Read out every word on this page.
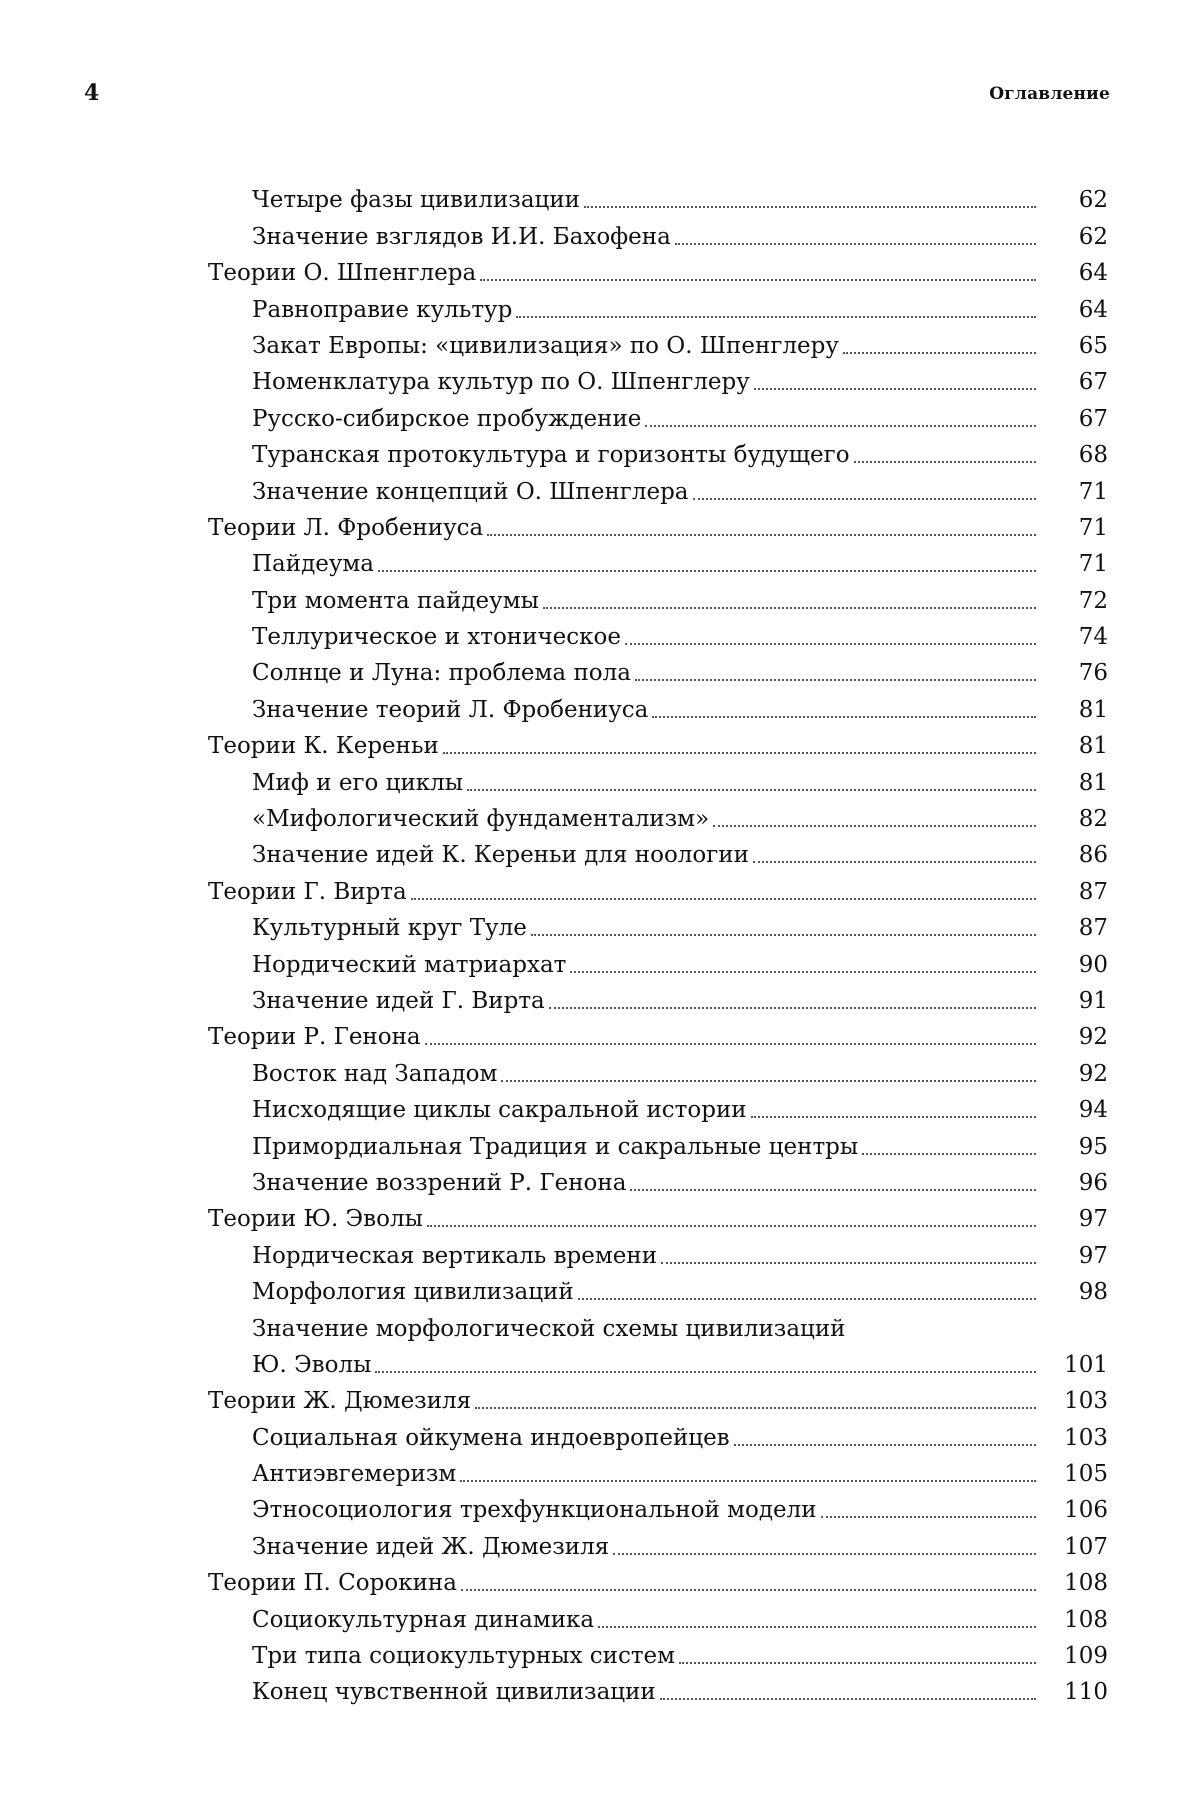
4	Оглавление
Четыре фазы цивилизации	62
Значение взглядов И.И. Бахофена	62
Теории О. Шпенглера	64
Равноправие культур	64
Закат Европы: «цивилизация» по О. Шпенглеру	65
Номенклатура культур по О. Шпенглеру	67
Русско-сибирское пробуждение	67
Туранская протокультура и горизонты будущего	68
Значение концепций О. Шпенглера	71
Теории Л. Фробениуса	71
Пайдеума	71
Три момента пайдеумы	72
Теллурическое и хтоническое	74
Солнце и Луна: проблема пола	76
Значение теорий Л. Фробениуса	81
Теории К. Кереньи	81
Миф и его циклы	81
«Мифологический фундаментализм»	82
Значение идей К. Кереньи для ноологии	86
Теории Г. Вирта	87
Культурный круг Туле	87
Нордический матриархат	90
Значение идей Г. Вирта	91
Теории Р. Генона	92
Восток над Западом	92
Нисходящие циклы сакральной истории	94
Примордиальная Традиция и сакральные центры	95
Значение воззрений Р. Генона	96
Теории Ю. Эволы	97
Нордическая вертикаль времени	97
Морфология цивилизаций	98
Значение морфологической схемы цивилизаций
Ю. Эволы	101
Теории Ж. Дюмезиля	103
Социальная ойкумена индоевропейцев	103
Антиэвгемеризм	105
Этносоциология трехфункциональной модели	106
Значение идей Ж. Дюмезиля	107
Теории П. Сорокина	108
Социокультурная динамика	108
Три типа социокультурных систем	109
Конец чувственной цивилизации	110
